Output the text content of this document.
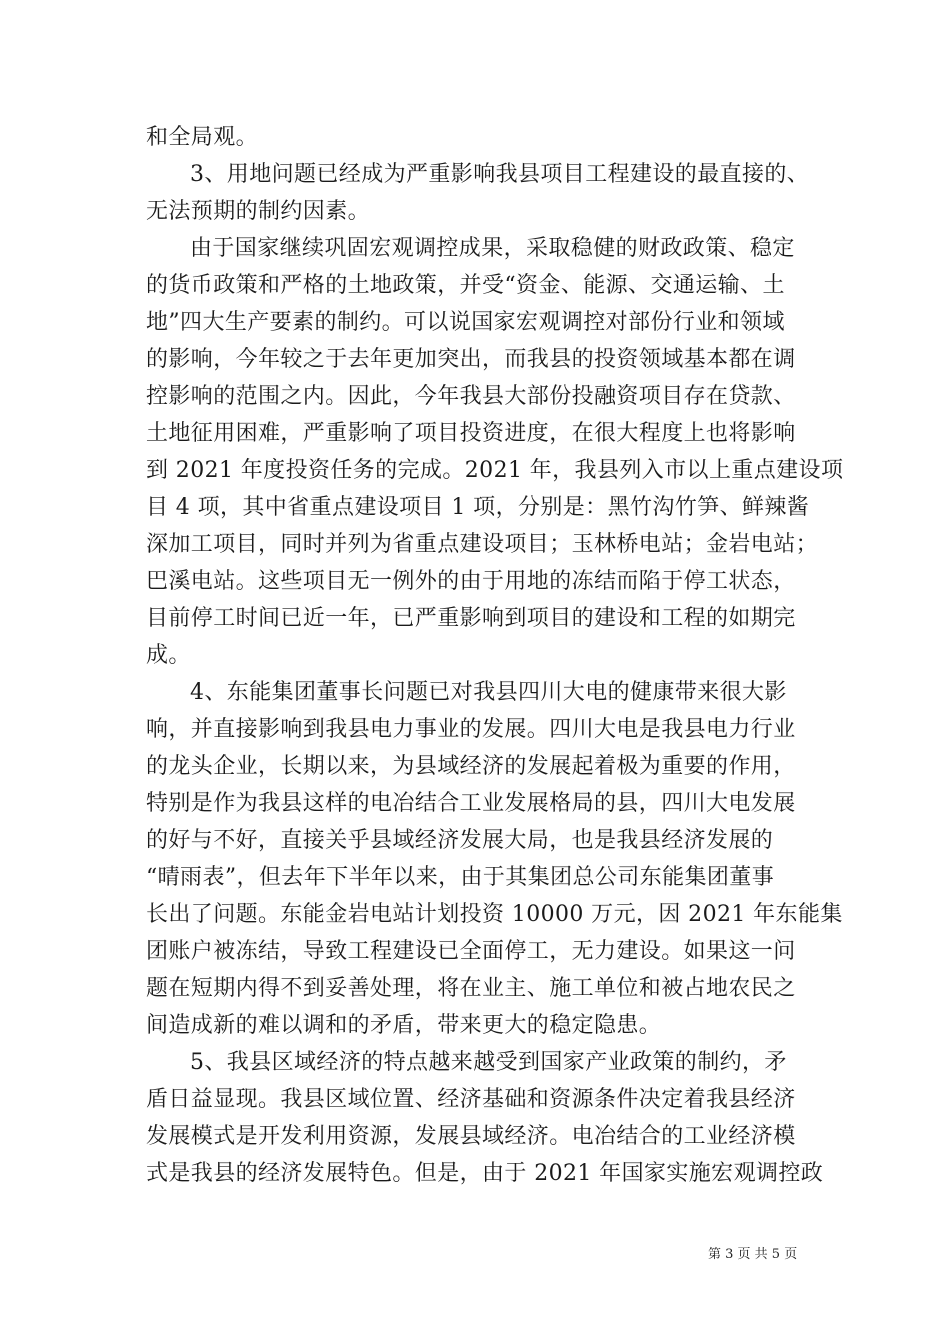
和全局观。
3、用地问题已经成为严重影响我县项目工程建设的最直接的、
无法预期的制约因素。
由于国家继续巩固宏观调控成果，采取稳健的财政政策、稳定
的货币政策和严格的土地政策，并受“资金、能源、交通运输、土
地”四大生产要素的制约。可以说国家宏观调控对部份行业和领域
的影响，今年较之于去年更加突出，而我县的投资领域基本都在调
控影响的范围之内。因此，今年我县大部份投融资项目存在贷款、
土地征用困难，严重影响了项目投资进度，在很大程度上也将影响
到 2021 年度投资任务的完成。2021 年，我县列入市以上重点建设项
目 4 项，其中省重点建设项目 1 项，分别是：黑竹沟竹笋、鲜辣酱
深加工项目，同时并列为省重点建设项目；玉林桥电站；金岩电站；
巴溪电站。这些项目无一例外的由于用地的冻结而陷于停工状态，
目前停工时间已近一年，已严重影响到项目的建设和工程的如期完
成。
4、东能集团董事长问题已对我县四川大电的健康带来很大影
响，并直接影响到我县电力事业的发展。四川大电是我县电力行业
的龙头企业，长期以来，为县域经济的发展起着极为重要的作用，
特别是作为我县这样的电冶结合工业发展格局的县，四川大电发展
的好与不好，直接关乎县域经济发展大局，也是我县经济发展的
“晴雨表”，但去年下半年以来，由于其集团总公司东能集团董事
长出了问题。东能金岩电站计划投资 10000 万元，因 2021 年东能集
团账户被冻结，导致工程建设已全面停工，无力建设。如果这一问
题在短期内得不到妥善处理，将在业主、施工单位和被占地农民之
间造成新的难以调和的矛盾，带来更大的稳定隐患。
5、我县区域经济的特点越来越受到国家产业政策的制约，矛
盾日益显现。我县区域位置、经济基础和资源条件决定着我县经济
发展模式是开发利用资源，发展县域经济。电冶结合的工业经济模
式是我县的经济发展特色。但是，由于 2021 年国家实施宏观调控政
第 3 页 共 5 页
